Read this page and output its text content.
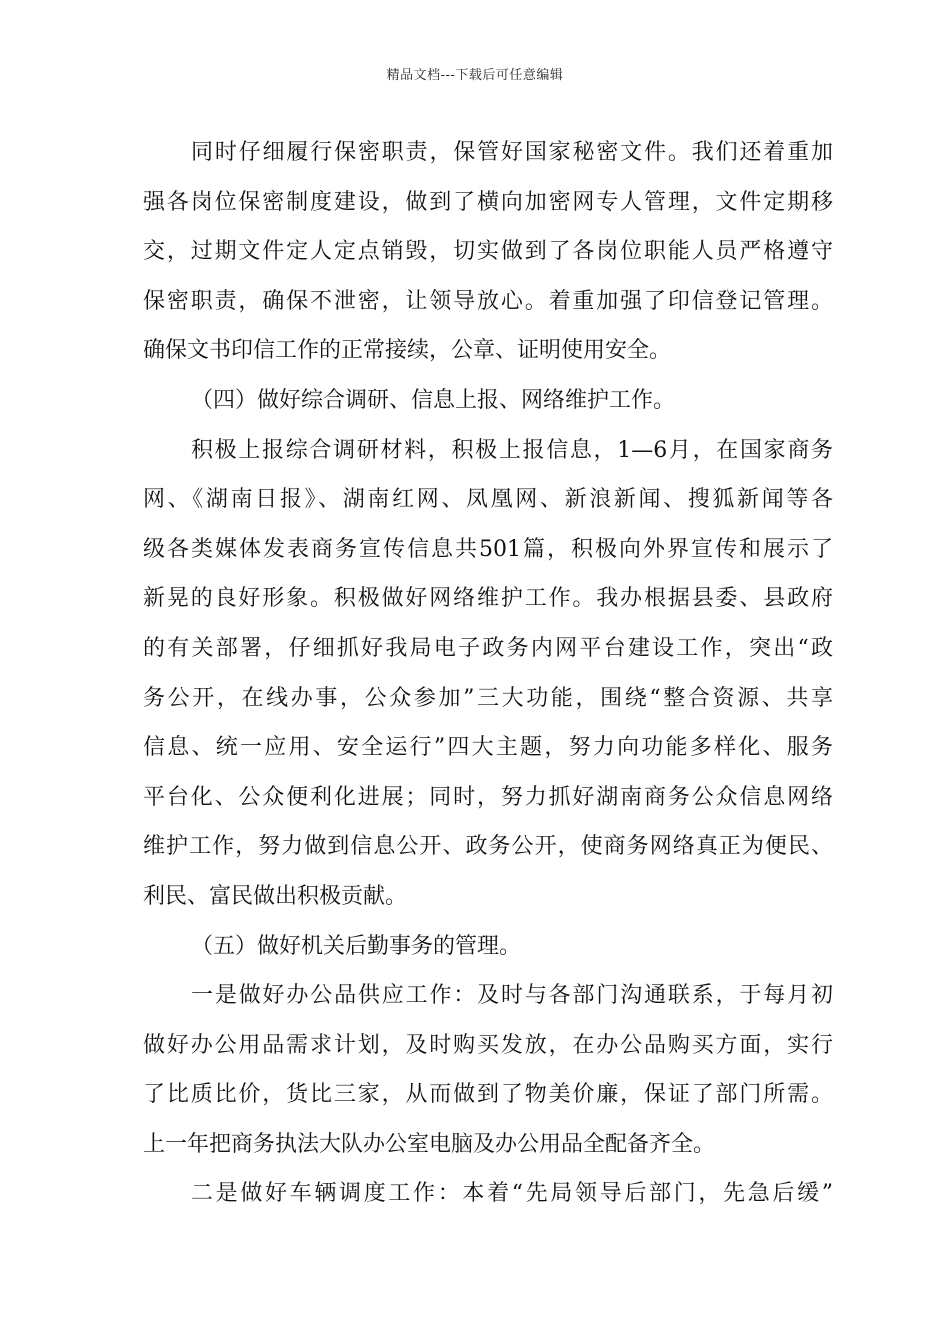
精品文档---下载后可任意编辑
同时仔细履行保密职责，保管好国家秘密文件。我们还着重加
强各岗位保密制度建设，做到了横向加密网专人管理，文件定期移
交，过期文件定人定点销毁，切实做到了各岗位职能人员严格遵守
保密职责，确保不泄密，让领导放心。着重加强了印信登记管理。
确保文书印信工作的正常接续，公章、证明使用安全。
（四）做好综合调研、信息上报、网络维护工作。
积极上报综合调研材料，积极上报信息，1—6月，在国家商务
网、《湖南日报》、湖南红网、凤凰网、新浪新闻、搜狐新闻等各
级各类媒体发表商务宣传信息共501篇，积极向外界宣传和展示了
新晃的良好形象。积极做好网络维护工作。我办根据县委、县政府
的有关部署，仔细抓好我局电子政务内网平台建设工作，突出“政
务公开，在线办事，公众参加”三大功能，围绕“整合资源、共享
信息、统一应用、安全运行”四大主题，努力向功能多样化、服务
平台化、公众便利化进展；同时，努力抓好湖南商务公众信息网络
维护工作，努力做到信息公开、政务公开，使商务网络真正为便民、
利民、富民做出积极贡献。
（五）做好机关后勤事务的管理。
一是做好办公品供应工作：及时与各部门沟通联系，于每月初
做好办公用品需求计划，及时购买发放，在办公品购买方面，实行
了比质比价，货比三家，从而做到了物美价廉，保证了部门所需。
上一年把商务执法大队办公室电脑及办公用品全配备齐全。
二是做好车辆调度工作：本着“先局领导后部门，先急后缓”
